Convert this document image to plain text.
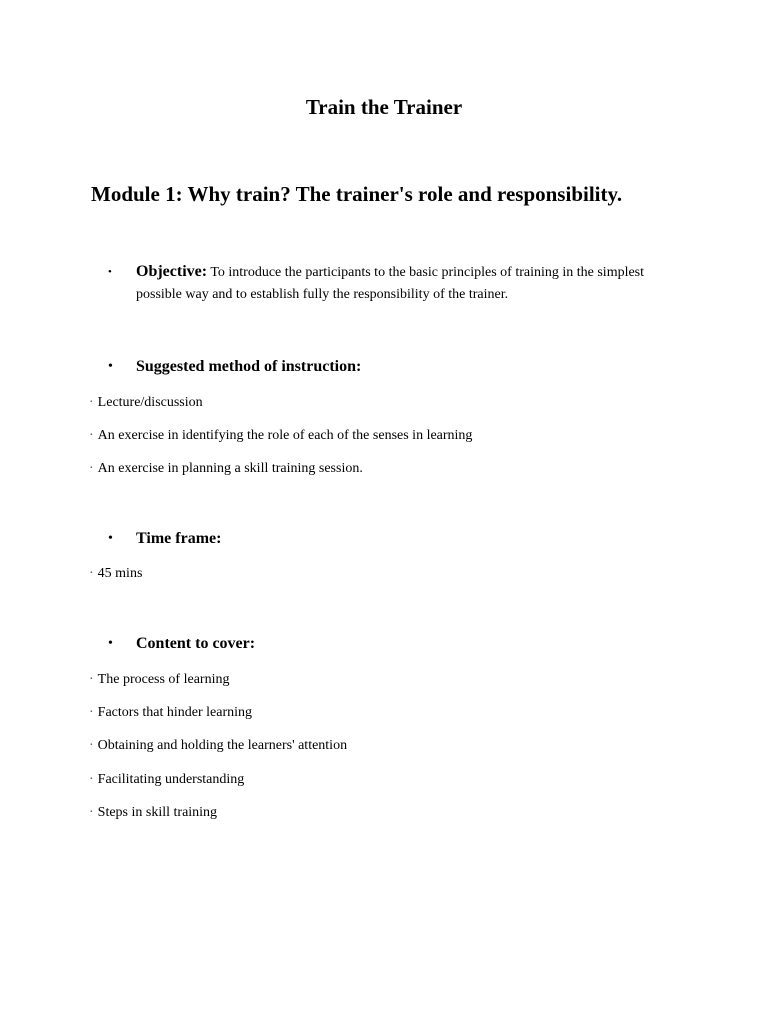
Train the Trainer
Module 1: Why train? The trainer's role and responsibility.
•	Objective: To introduce the participants to the basic principles of training in the simplest possible way and to establish fully the responsibility of the trainer.
•	Suggested method of instruction:
· Lecture/discussion
· An exercise in identifying the role of each of the senses in learning
· An exercise in planning a skill training session.
•	Time frame:
· 45 mins
•	Content to cover:
· The process of learning
· Factors that hinder learning
· Obtaining and holding the learners' attention
· Facilitating understanding
· Steps in skill training
